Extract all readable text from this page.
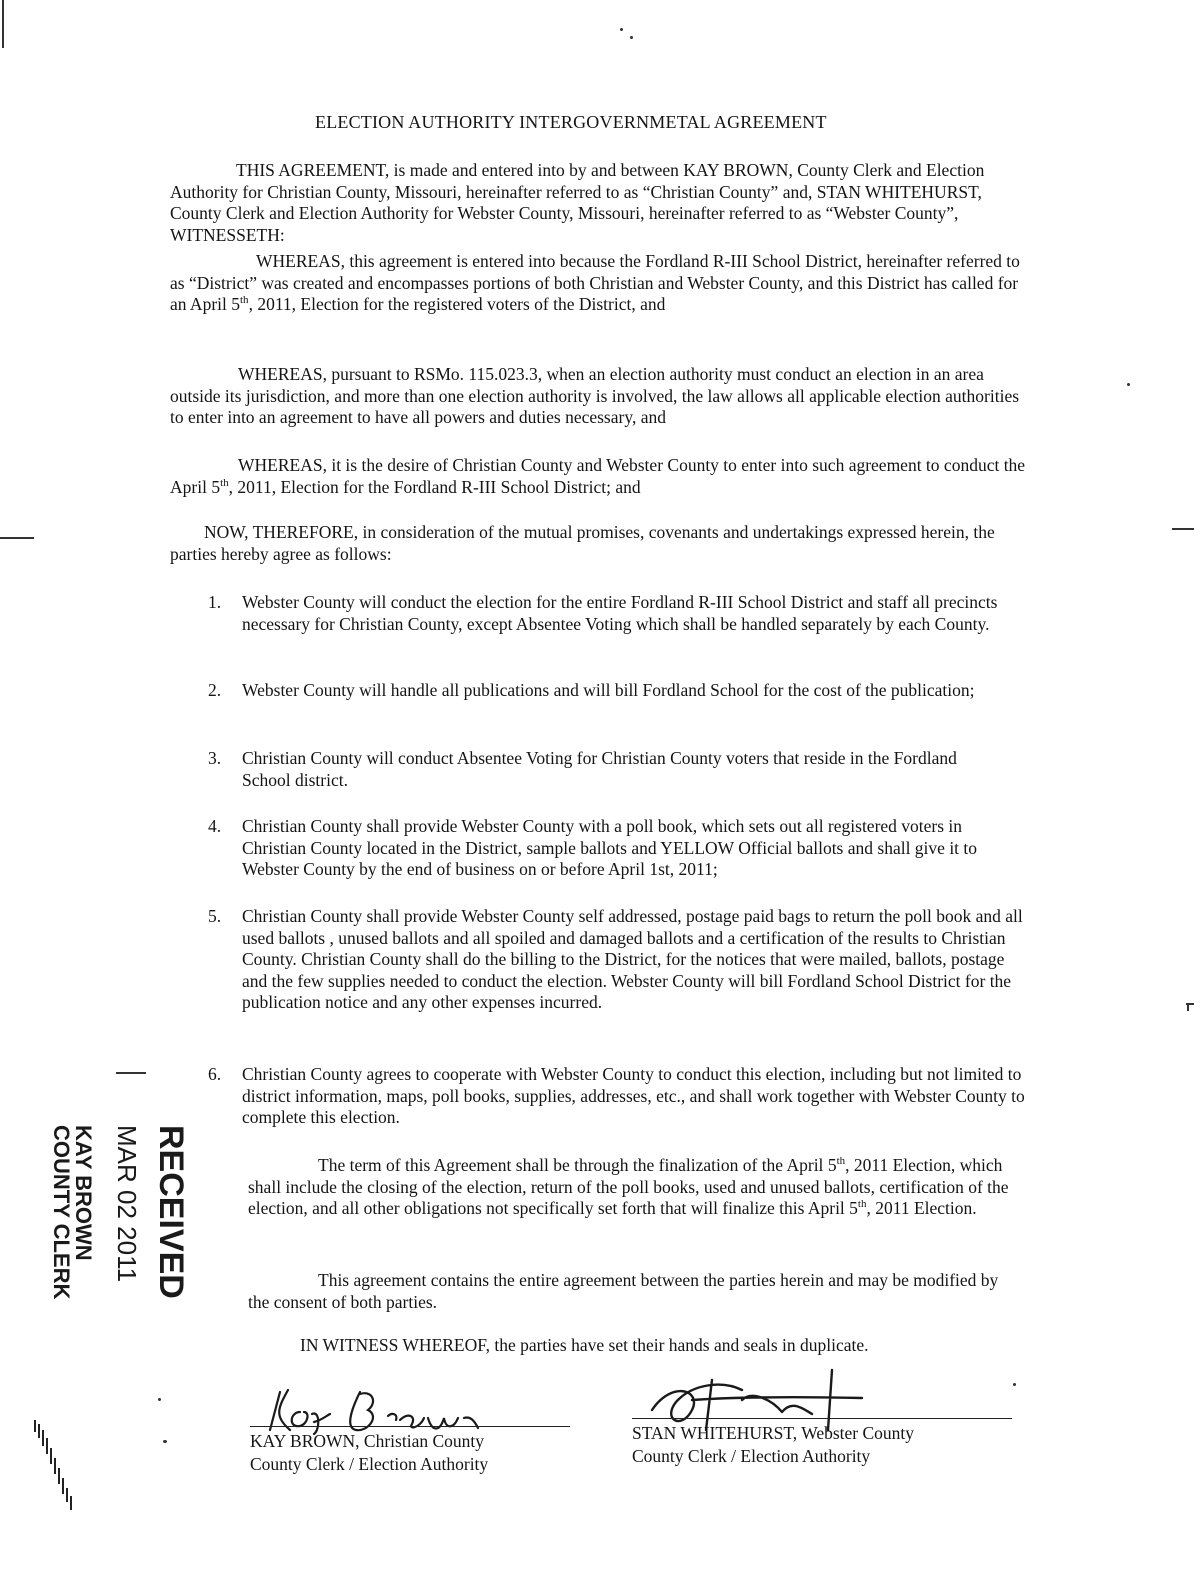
ELECTION AUTHORITY INTERGOVERNMETAL AGREEMENT

THIS AGREEMENT, is made and entered into by and between KAY BROWN, County Clerk and Election Authority for Christian County, Missouri, hereinafter referred to as “Christian County” and, STAN WHITEHURST, County Clerk and Election Authority for Webster County, Missouri, hereinafter referred to as “Webster County”, WITNESSETH:

WHEREAS, this agreement is entered into because the Fordland R-III School District, hereinafter referred to as “District” was created and encompasses portions of both Christian and Webster County, and this District has called for an April 5th, 2011, Election for the registered voters of the District, and

WHEREAS, pursuant to RSMo. 115.023.3, when an election authority must conduct an election in an area outside its jurisdiction, and more than one election authority is involved, the law allows all applicable election authorities to enter into an agreement to have all powers and duties necessary, and

WHEREAS, it is the desire of Christian County and Webster County to enter into such agreement to conduct the April 5th, 2011, Election for the Fordland R-III School District; and

NOW, THEREFORE, in consideration of the mutual promises, covenants and undertakings expressed herein, the parties hereby agree as follows:

1.	Webster County will conduct the election for the entire Fordland R-III School District and staff all precincts necessary for Christian County, except Absentee Voting which shall be handled separately by each County.
2.	Webster County will handle all publications and will bill Fordland School for the cost of the publication;
3.	Christian County will conduct Absentee Voting for Christian County voters that reside in the Fordland School district.
4.	Christian County shall provide Webster County with a poll book, which sets out all registered voters in Christian County located in the District, sample ballots and YELLOW Official ballots and shall give it to Webster County by the end of business on or before April 1st, 2011;
5.	Christian County shall provide Webster County self addressed, postage paid bags to return the poll book and all used ballots , unused ballots and all spoiled and damaged ballots and a certification of the results to Christian County. Christian County shall do the billing to the District, for the notices that were mailed, ballots, postage and the few supplies needed to conduct the election. Webster County will bill Fordland School District for the publication notice and any other expenses incurred.
6.	Christian County agrees to cooperate with Webster County to conduct this election, including but not limited to district information, maps, poll books, supplies, addresses, etc., and shall work together with Webster County to complete this election.

The term of this Agreement shall be through the finalization of the April 5th, 2011 Election, which shall include the closing of the election, return of the poll books, used and unused ballots, certification of the election, and all other obligations not specifically set forth that will finalize this April 5th, 2011 Election.

This agreement contains the entire agreement between the parties herein and may be modified by the consent of both parties.

IN WITNESS WHEREOF, the parties have set their hands and seals in duplicate.

KAY BROWN, Christian County
County Clerk / Election Authority
STAN WHITEHURST, Webster County
County Clerk / Election Authority
RECEIVED
MAR 02 2011
KAY BROWN
COUNTY CLERK
